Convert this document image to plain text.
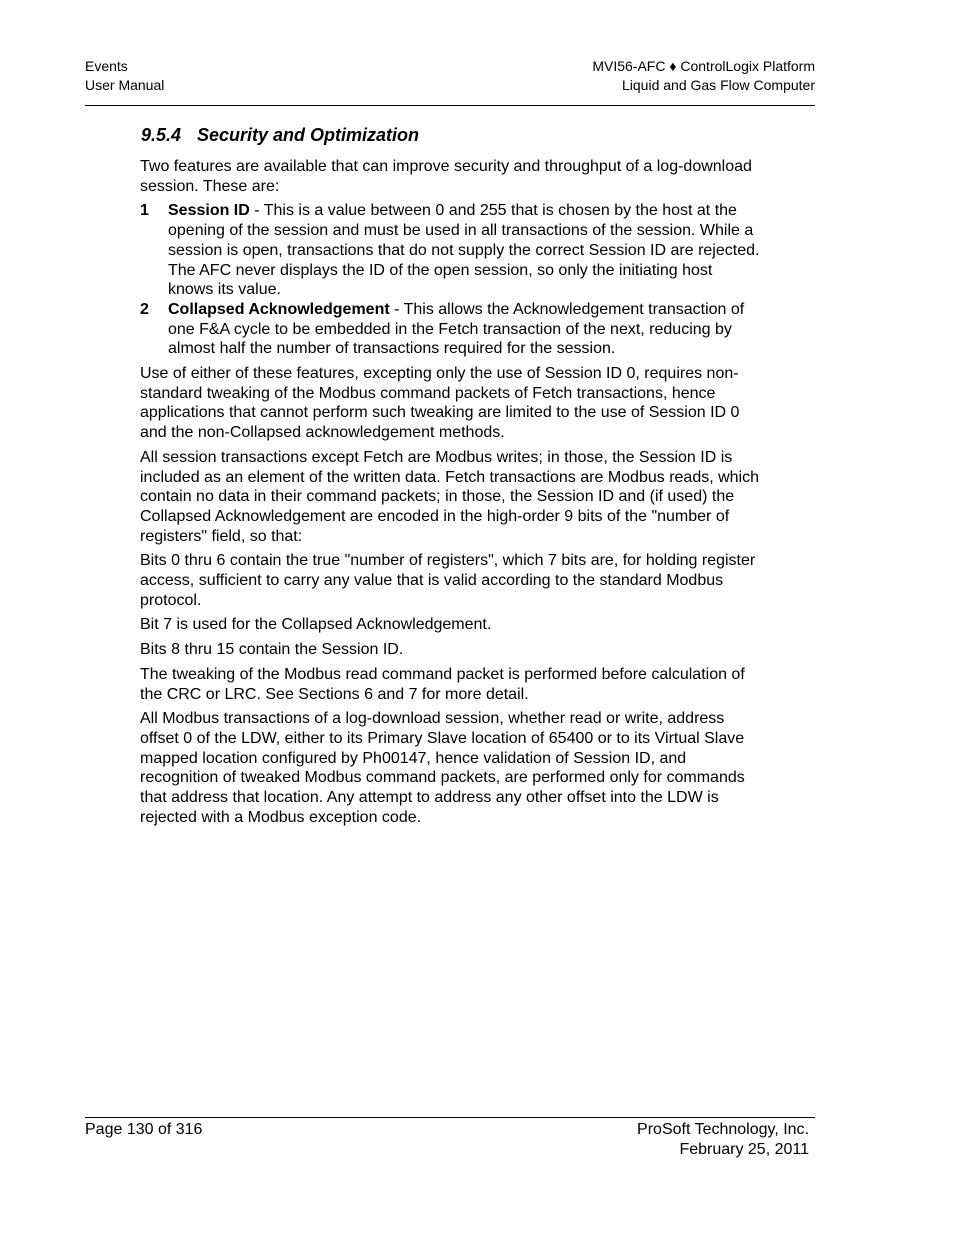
Events
User Manual
MVI56-AFC ♦ ControlLogix Platform
Liquid and Gas Flow Computer
9.5.4 Security and Optimization

Two features are available that can improve security and throughput of a log-download session. These are:

1	Session ID - This is a value between 0 and 255 that is chosen by the host at the opening of the session and must be used in all transactions of the session. While a session is open, transactions that do not supply the correct Session ID are rejected. The AFC never displays the ID of the open session, so only the initiating host knows its value.
2	Collapsed Acknowledgement - This allows the Acknowledgement transaction of one F&A cycle to be embedded in the Fetch transaction of the next, reducing by almost half the number of transactions required for the session.

Use of either of these features, excepting only the use of Session ID 0, requires non-standard tweaking of the Modbus command packets of Fetch transactions, hence applications that cannot perform such tweaking are limited to the use of Session ID 0 and the non-Collapsed acknowledgement methods.

All session transactions except Fetch are Modbus writes; in those, the Session ID is included as an element of the written data. Fetch transactions are Modbus reads, which contain no data in their command packets; in those, the Session ID and (if used) the Collapsed Acknowledgement are encoded in the high-order 9 bits of the "number of registers" field, so that:

Bits 0 thru 6 contain the true "number of registers", which 7 bits are, for holding register access, sufficient to carry any value that is valid according to the standard Modbus protocol.

Bit 7 is used for the Collapsed Acknowledgement.

Bits 8 thru 15 contain the Session ID.

The tweaking of the Modbus read command packet is performed before calculation of the CRC or LRC. See Sections 6 and 7 for more detail.

All Modbus transactions of a log-download session, whether read or write, address offset 0 of the LDW, either to its Primary Slave location of 65400 or to its Virtual Slave mapped location configured by Ph00147, hence validation of Session ID, and recognition of tweaked Modbus command packets, are performed only for commands that address that location. Any attempt to address any other offset into the LDW is rejected with a Modbus exception code.

Page 130 of 316	ProSoft Technology, Inc.
February 25, 2011
